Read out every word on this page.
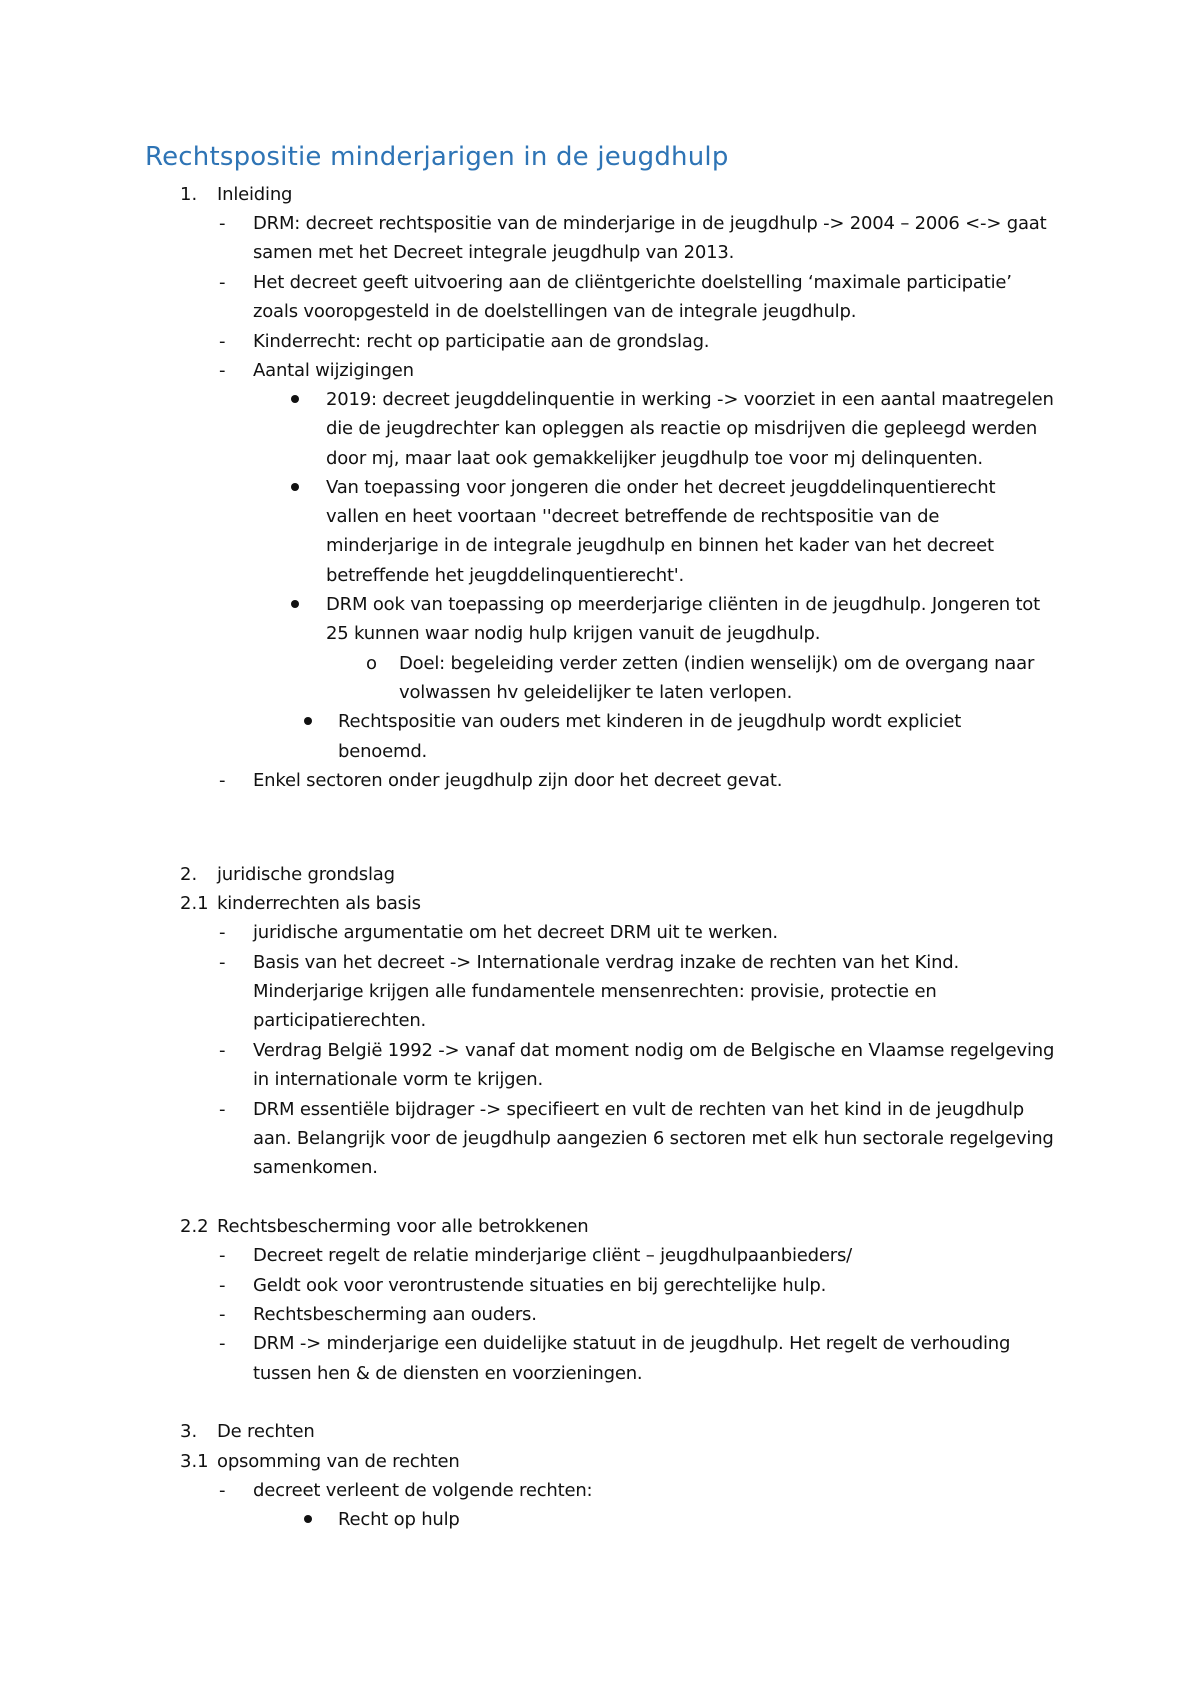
Rechtspositie minderjarigen in de jeugdhulp
1. Inleiding
- DRM: decreet rechtspositie van de minderjarige in de jeugdhulp -> 2004 – 2006 <-> gaat
samen met het Decreet integrale jeugdhulp van 2013.
- Het decreet geeft uitvoering aan de cliëntgerichte doelstelling ‘maximale participatie’
zoals vooropgesteld in de doelstellingen van de integrale jeugdhulp.
- Kinderrecht: recht op participatie aan de grondslag.
- Aantal wijzigingen
2019: decreet jeugddelinquentie in werking -> voorziet in een aantal maatregelen
die de jeugdrechter kan opleggen als reactie op misdrijven die gepleegd werden
door mj, maar laat ook gemakkelijker jeugdhulp toe voor mj delinquenten.
Van toepassing voor jongeren die onder het decreet jeugddelinquentierecht
vallen en heet voortaan ''decreet betreffende de rechtspositie van de
minderjarige in de integrale jeugdhulp en binnen het kader van het decreet
betreffende het jeugddelinquentierecht'.
DRM ook van toepassing op meerderjarige cliënten in de jeugdhulp. Jongeren tot
25 kunnen waar nodig hulp krijgen vanuit de jeugdhulp.
o Doel: begeleiding verder zetten (indien wenselijk) om de overgang naar
volwassen hv geleidelijker te laten verlopen.
Rechtspositie van ouders met kinderen in de jeugdhulp wordt expliciet
benoemd.
- Enkel sectoren onder jeugdhulp zijn door het decreet gevat.
2. juridische grondslag
2.1 kinderrechten als basis
- juridische argumentatie om het decreet DRM uit te werken.
- Basis van het decreet -> Internationale verdrag inzake de rechten van het Kind.
Minderjarige krijgen alle fundamentele mensenrechten: provisie, protectie en
participatierechten.
- Verdrag België 1992 -> vanaf dat moment nodig om de Belgische en Vlaamse regelgeving
in internationale vorm te krijgen.
- DRM essentiële bijdrager -> specifieert en vult de rechten van het kind in de jeugdhulp
aan. Belangrijk voor de jeugdhulp aangezien 6 sectoren met elk hun sectorale regelgeving
samenkomen.
2.2 Rechtsbescherming voor alle betrokkenen
- Decreet regelt de relatie minderjarige cliënt – jeugdhulpaanbieders/
- Geldt ook voor verontrustende situaties en bij gerechtelijke hulp.
- Rechtsbescherming aan ouders.
- DRM -> minderjarige een duidelijke statuut in de jeugdhulp. Het regelt de verhouding
tussen hen & de diensten en voorzieningen.
3. De rechten
3.1 opsomming van de rechten
- decreet verleent de volgende rechten:
Recht op hulp
